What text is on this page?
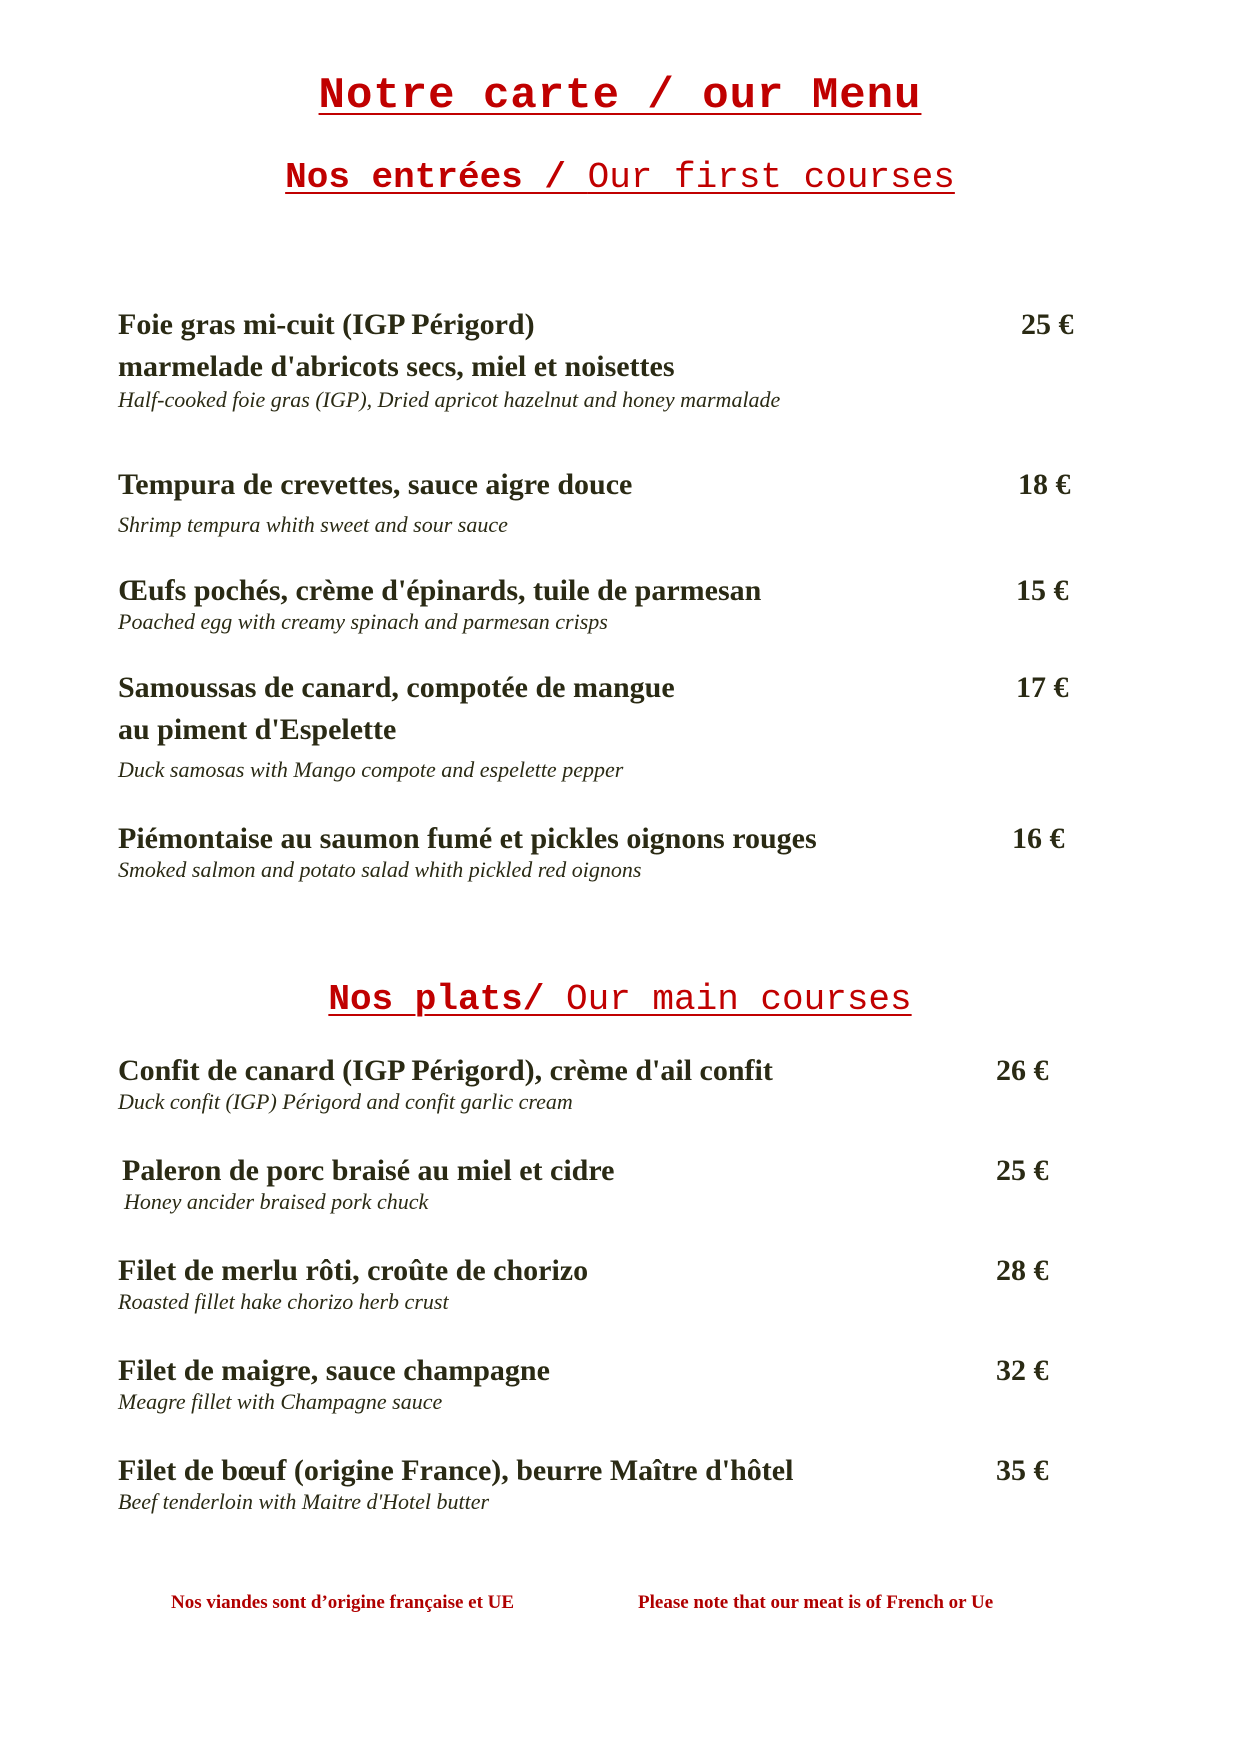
Notre carte / our Menu
Nos entrées / Our first courses
Foie gras mi-cuit (IGP Périgord)
marmelade d'abricots secs, miel et noisettes
Half-cooked foie gras (IGP), Dried apricot hazelnut and honey marmalade
25 €
Tempura de crevettes, sauce aigre douce
Shrimp tempura whith sweet and sour sauce
18 €
Œufs pochés, crème d'épinards, tuile de parmesan
Poached egg with creamy spinach and parmesan crisps
15 €
Samoussas de canard, compotée de mangue
au piment d'Espelette
Duck samosas with Mango compote and espelette pepper
17 €
Piémontaise au saumon fumé et pickles oignons rouges
Smoked salmon and potato salad whith pickled red oignons
16 €
Nos plats/ Our main courses
Confit de canard (IGP Périgord), crème d'ail confit
Duck confit (IGP) Périgord and confit garlic cream
26 €
Paleron de porc braisé au miel et cidre
Honey ancider braised pork chuck
25 €
Filet de merlu rôti, croûte de chorizo
Roasted fillet hake chorizo herb crust
28 €
Filet de maigre, sauce champagne
Meagre fillet with Champagne sauce
32 €
Filet de bœuf (origine France), beurre Maître d'hôtel
Beef tenderloin with Maitre d'Hotel butter
35 €
Nos viandes sont d’origine française et UE	Please note that our meat is of French or Ue
